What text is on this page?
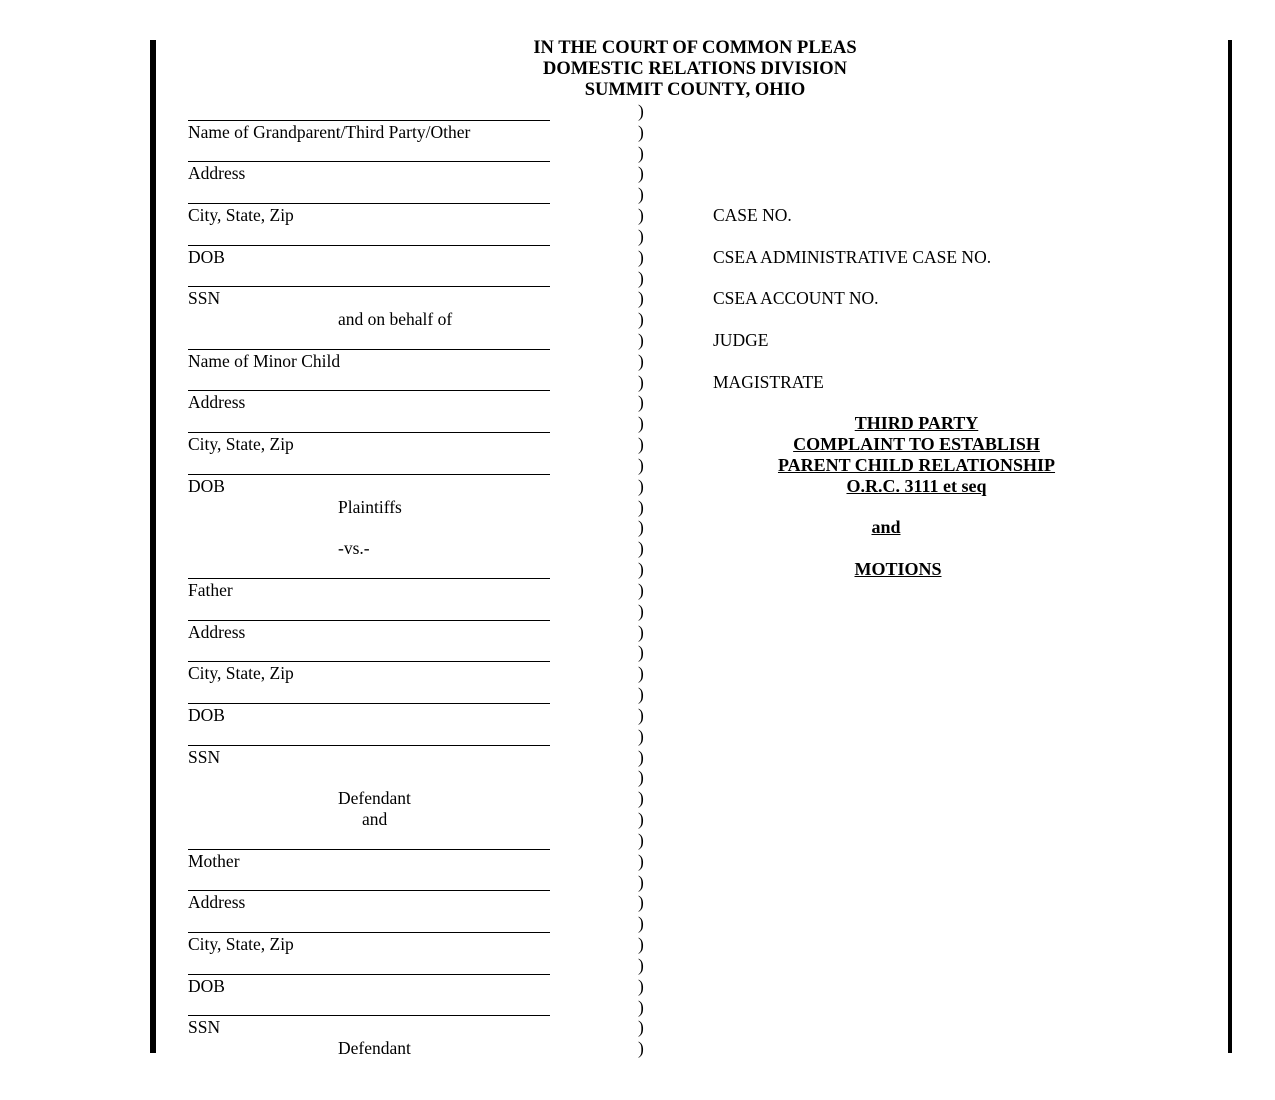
IN THE COURT OF COMMON PLEAS
DOMESTIC RELATIONS DIVISION
SUMMIT COUNTY, OHIO
Name of Grandparent/Third Party/Other
Address
City, State, Zip
DOB
SSN
and on behalf of
Name of Minor Child
Address
City, State, Zip
DOB
Plaintiffs
-vs.-
Father
Address
City, State, Zip
DOB
SSN
Defendant
and
Mother
Address
City, State, Zip
DOB
SSN
Defendant
)
)
)
)
)
)
)
)
)
)
)
)
)
)
)
)
)
)
)
)
)
)
)
)
)
)
)
)
)
)
)
)
)
)
)
)
)
)
)
)
)
)
)
)
)
)
CASE NO.
CSEA ADMINISTRATIVE CASE NO.
CSEA ACCOUNT NO.
JUDGE
MAGISTRATE
THIRD PARTY
COMPLAINT TO ESTABLISH
PARENT CHILD RELATIONSHIP
O.R.C. 3111 et seq
and
MOTIONS
